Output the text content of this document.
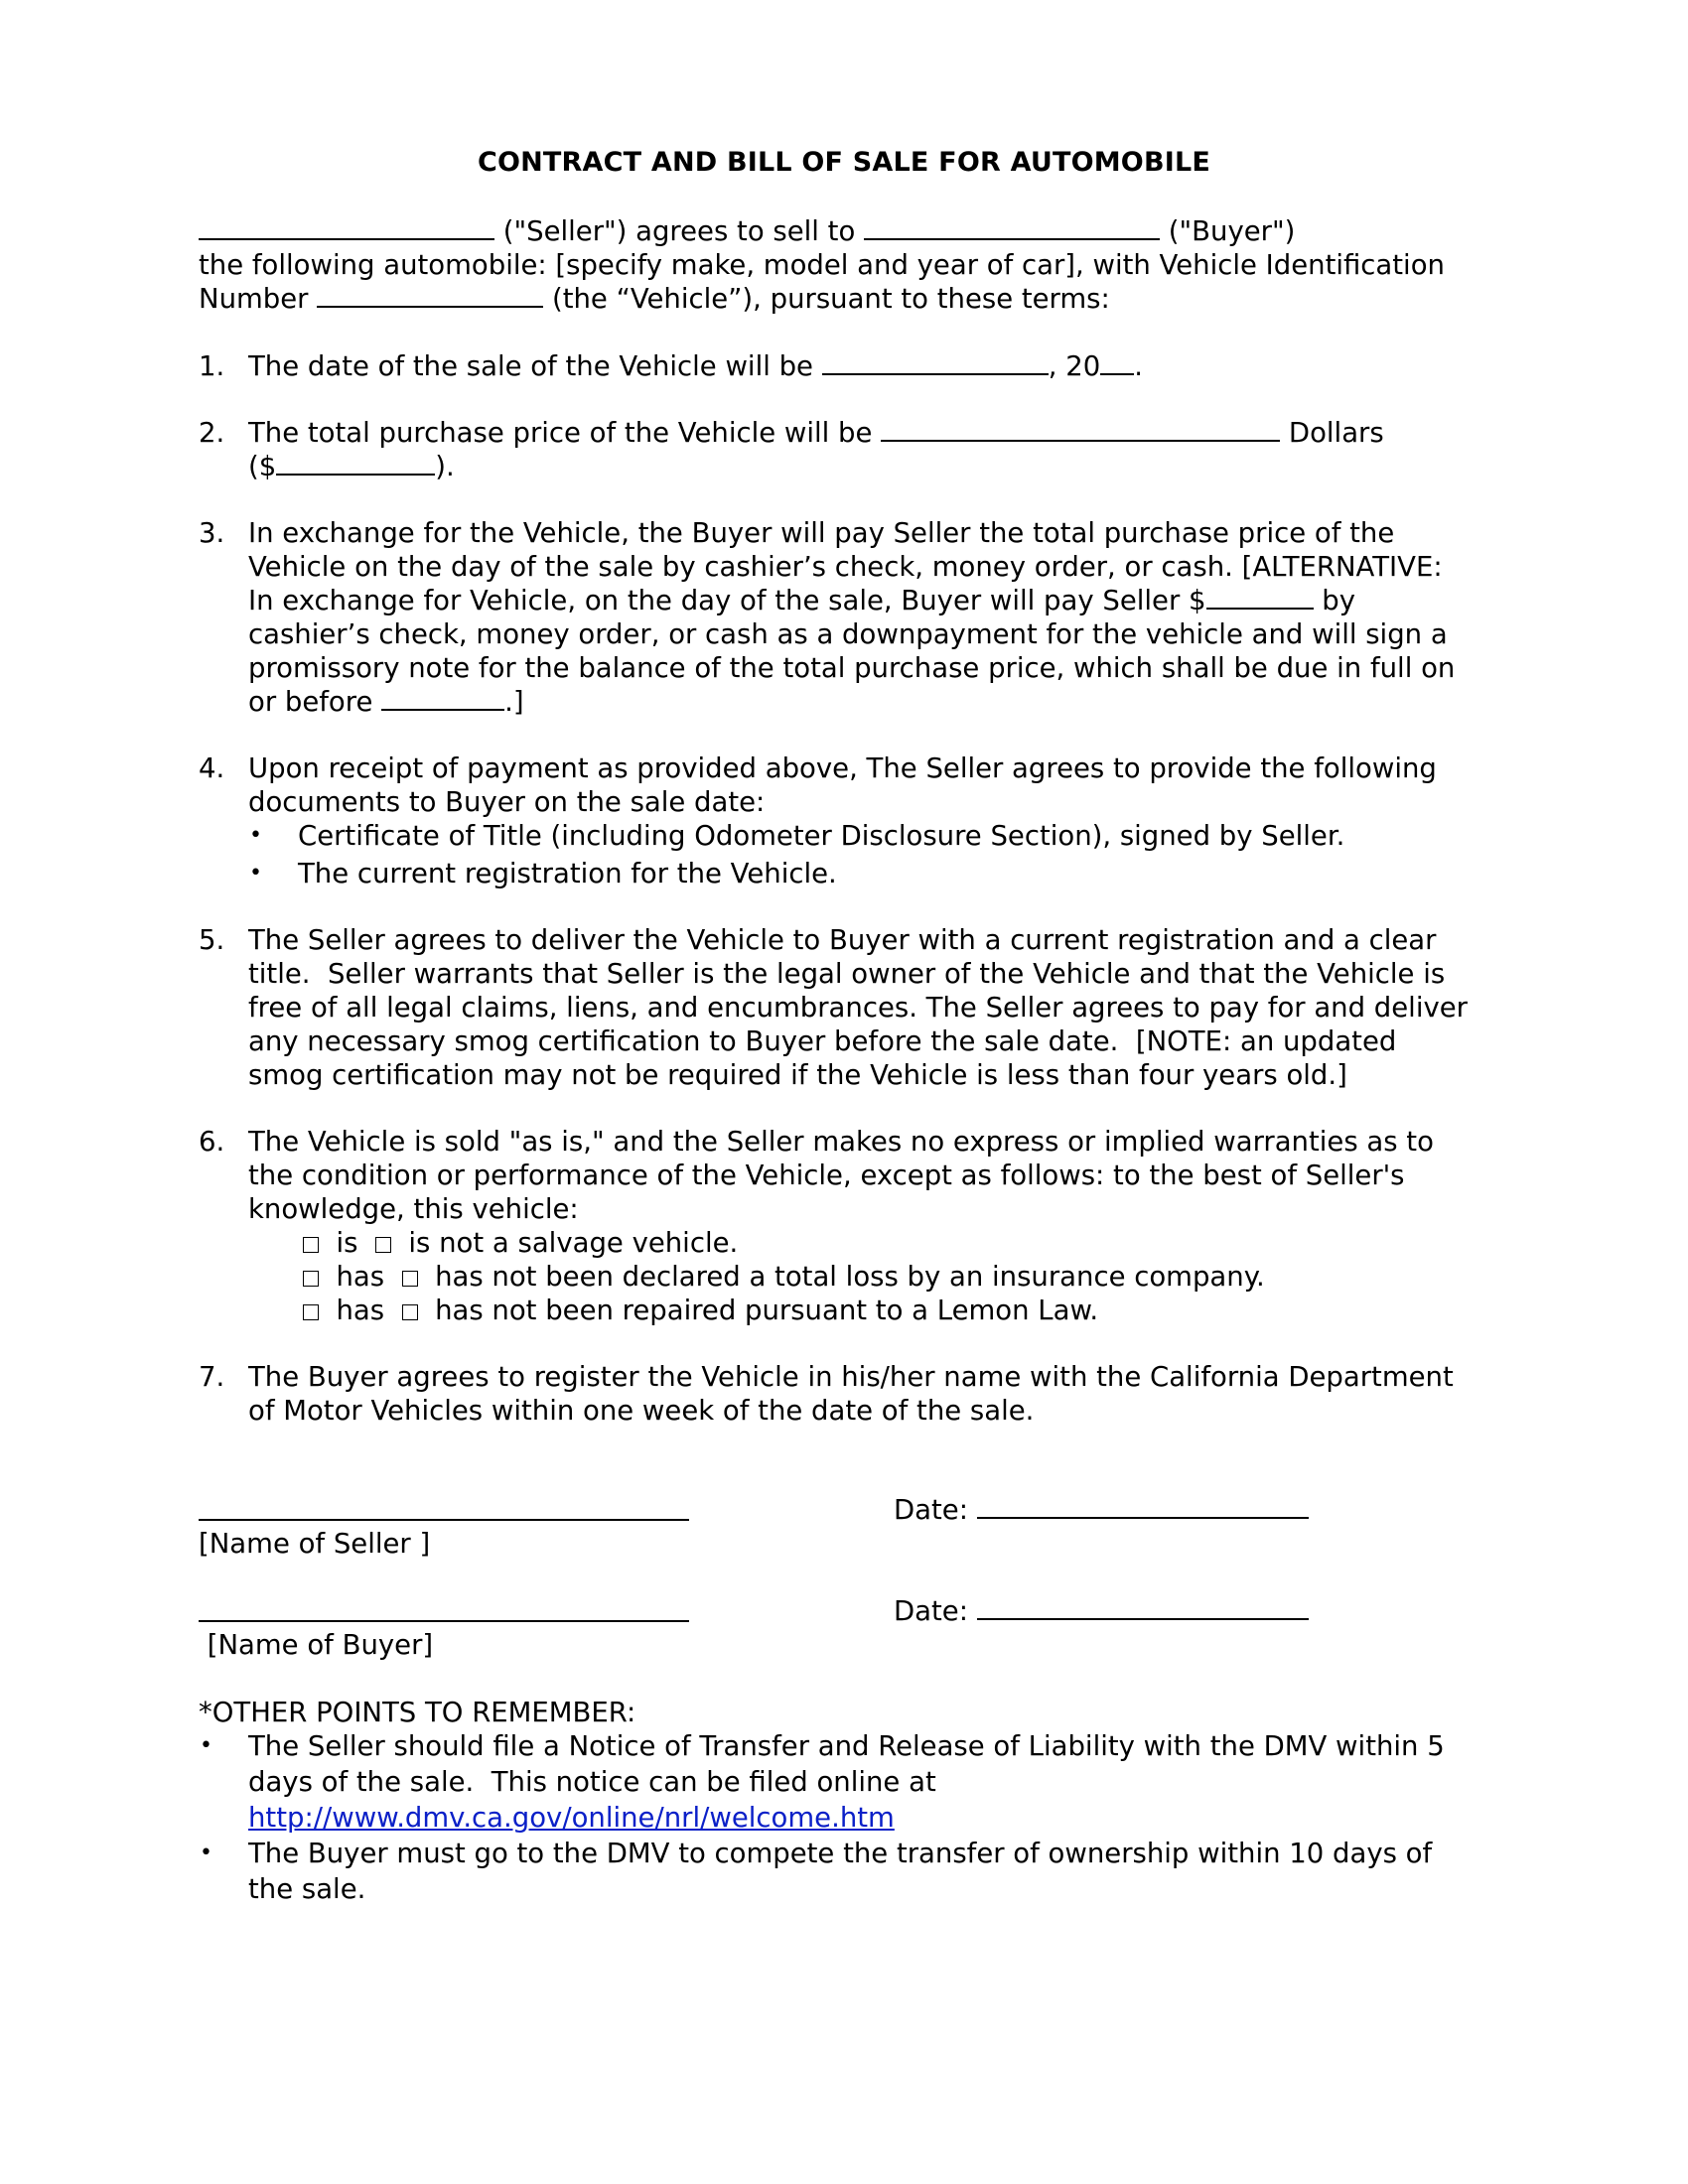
CONTRACT AND BILL OF SALE FOR AUTOMOBILE
("Seller") agrees to sell to	("Buyer")
the following automobile: [specify make, model and year of car], with Vehicle Identification
Number	(the “Vehicle”), pursuant to these terms:
1. The date of the sale of the Vehicle will be	, 20 .
2. The total purchase price of the Vehicle will be	Dollars
($	).
3. In exchange for the Vehicle, the Buyer will pay Seller the total purchase price of the
Vehicle on the day of the sale by cashier’s check, money order, or cash. [ALTERNATIVE:
In exchange for Vehicle, on the day of the sale, Buyer will pay Seller $	by
cashier’s check, money order, or cash as a downpayment for the vehicle and will sign a
promissory note for the balance of the total purchase price, which shall be due in full on
or before	.]
4. Upon receipt of payment as provided above, The Seller agrees to provide the following
documents to Buyer on the sale date:
• Certificate of Title (including Odometer Disclosure Section), signed by Seller.
• The current registration for the Vehicle.
5. The Seller agrees to deliver the Vehicle to Buyer with a current registration and a clear
title.  Seller warrants that Seller is the legal owner of the Vehicle and that the Vehicle is
free of all legal claims, liens, and encumbrances. The Seller agrees to pay for and deliver
any necessary smog certification to Buyer before the sale date.  [NOTE: an updated
smog certification may not be required if the Vehicle is less than four years old.]
6. The Vehicle is sold "as is," and the Seller makes no express or implied warranties as to
the condition or performance of the Vehicle, except as follows: to the best of Seller's
knowledge, this vehicle:
is is not a salvage vehicle.
has has not been declared a total loss by an insurance company.
has has not been repaired pursuant to a Lemon Law.
7. The Buyer agrees to register the Vehicle in his/her name with the California Department
of Motor Vehicles within one week of the date of the sale.
Date:
[Name of Seller ]
Date:
[Name of Buyer]
*OTHER POINTS TO REMEMBER:
• The Seller should file a Notice of Transfer and Release of Liability with the DMV within 5
days of the sale.  This notice can be filed online at
http://www.dmv.ca.gov/online/nrl/welcome.htm
• The Buyer must go to the DMV to compete the transfer of ownership within 10 days of
the sale.
